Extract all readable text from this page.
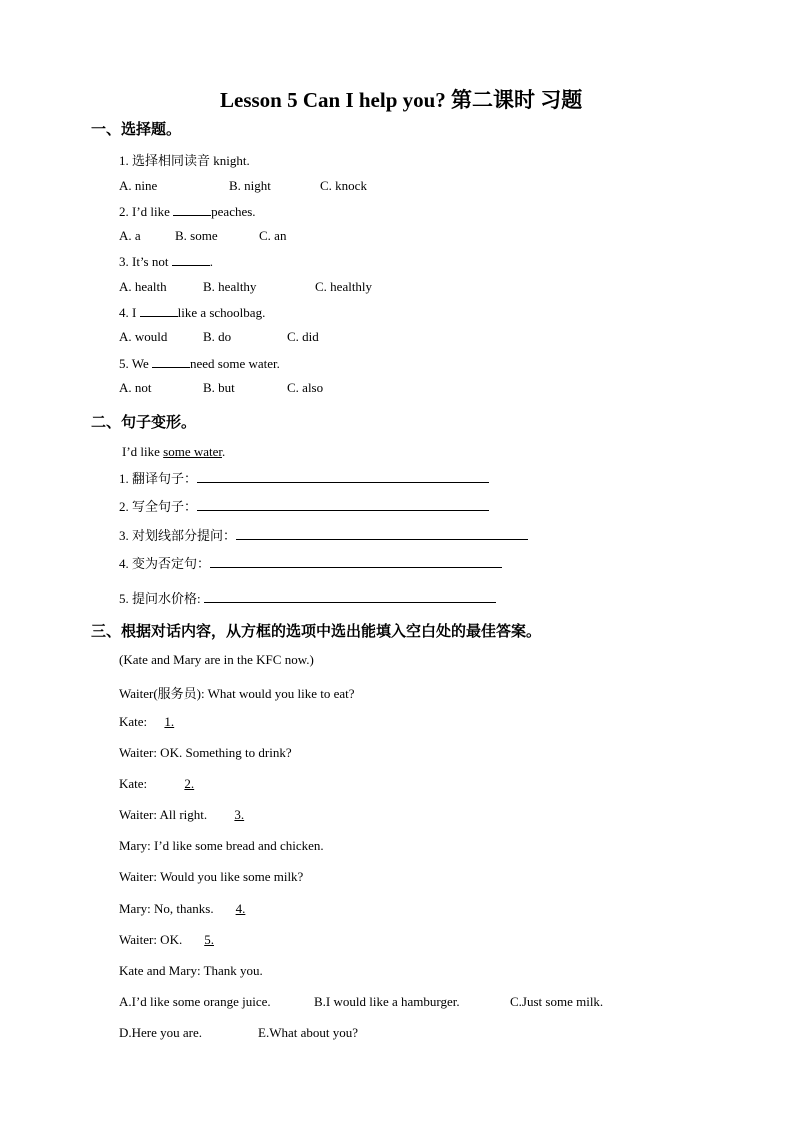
Lesson 5 Can I help you? 第二课时 习题
一、选择题。
1. 选择相同读音 knight.
A. nine	B. night	C. knock
2. I’d like	peaches.
A. a	B. some	C. an
3. It’s not	.
A. health	B. healthy	C. healthly
4. I	like a schoolbag.
A. would	B. do	C. did
5. We	need some water.
A. not	B. but	C. also
二、句子变形。
I’d like some water.
1. 翻译句子：
2. 写全句子：
3. 对划线部分提问：
4. 变为否定句：
5. 提问水价格:
三、根据对话内容，从方框的选项中选出能填入空白处的最佳答案。
(Kate and Mary are in the KFC now.)
Waiter(服务员): What would you like to eat?
Kate: 1.
Waiter: OK. Something to drink?
Kate:	2.
Waiter: All right. 3.
Mary: I’d like some bread and chicken.
Waiter: Would you like some milk?
Mary: No, thanks. 4.
Waiter: OK. 5.
Kate and Mary: Thank you.
A.I’d like some orange juice.	B.I would like a hamburger.	C.Just some milk.
D.Here you are.	E.What about you?
